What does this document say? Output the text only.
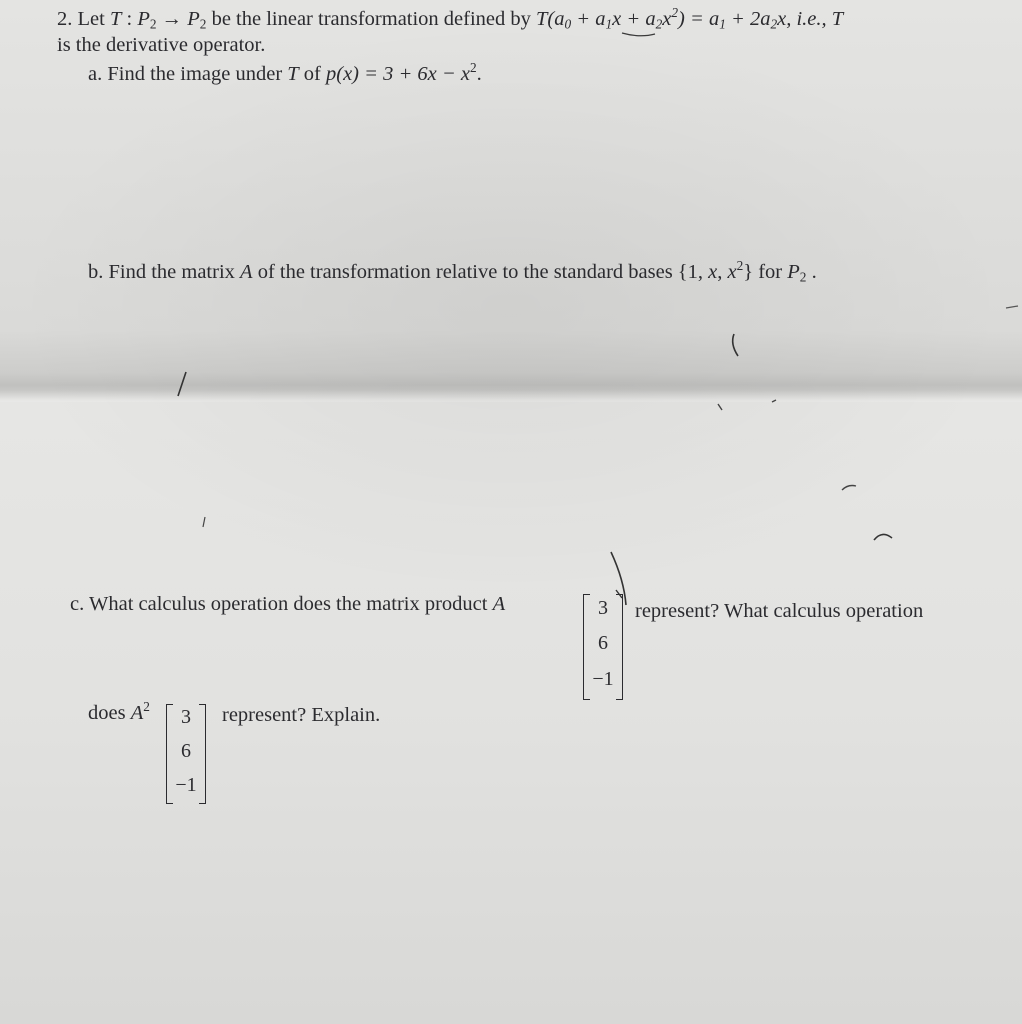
2. Let T : $P_2 \to P_2$ be the linear transformation defined by $T(a_0 + a_1x + a_2x^2) = a_1 + 2a_2x$, i.e., T
is the derivative operator.
a. Find the image under T of $p(x) = 3 + 6x - x^2$.
b. Find the matrix A of the transformation relative to the standard bases {1, x, $x^2$} for $P_2$ .
c. What calculus operation does the matrix product A	3
6
−1
represent? What calculus operation
does $A^2$	3
6
−1
represent? Explain.
